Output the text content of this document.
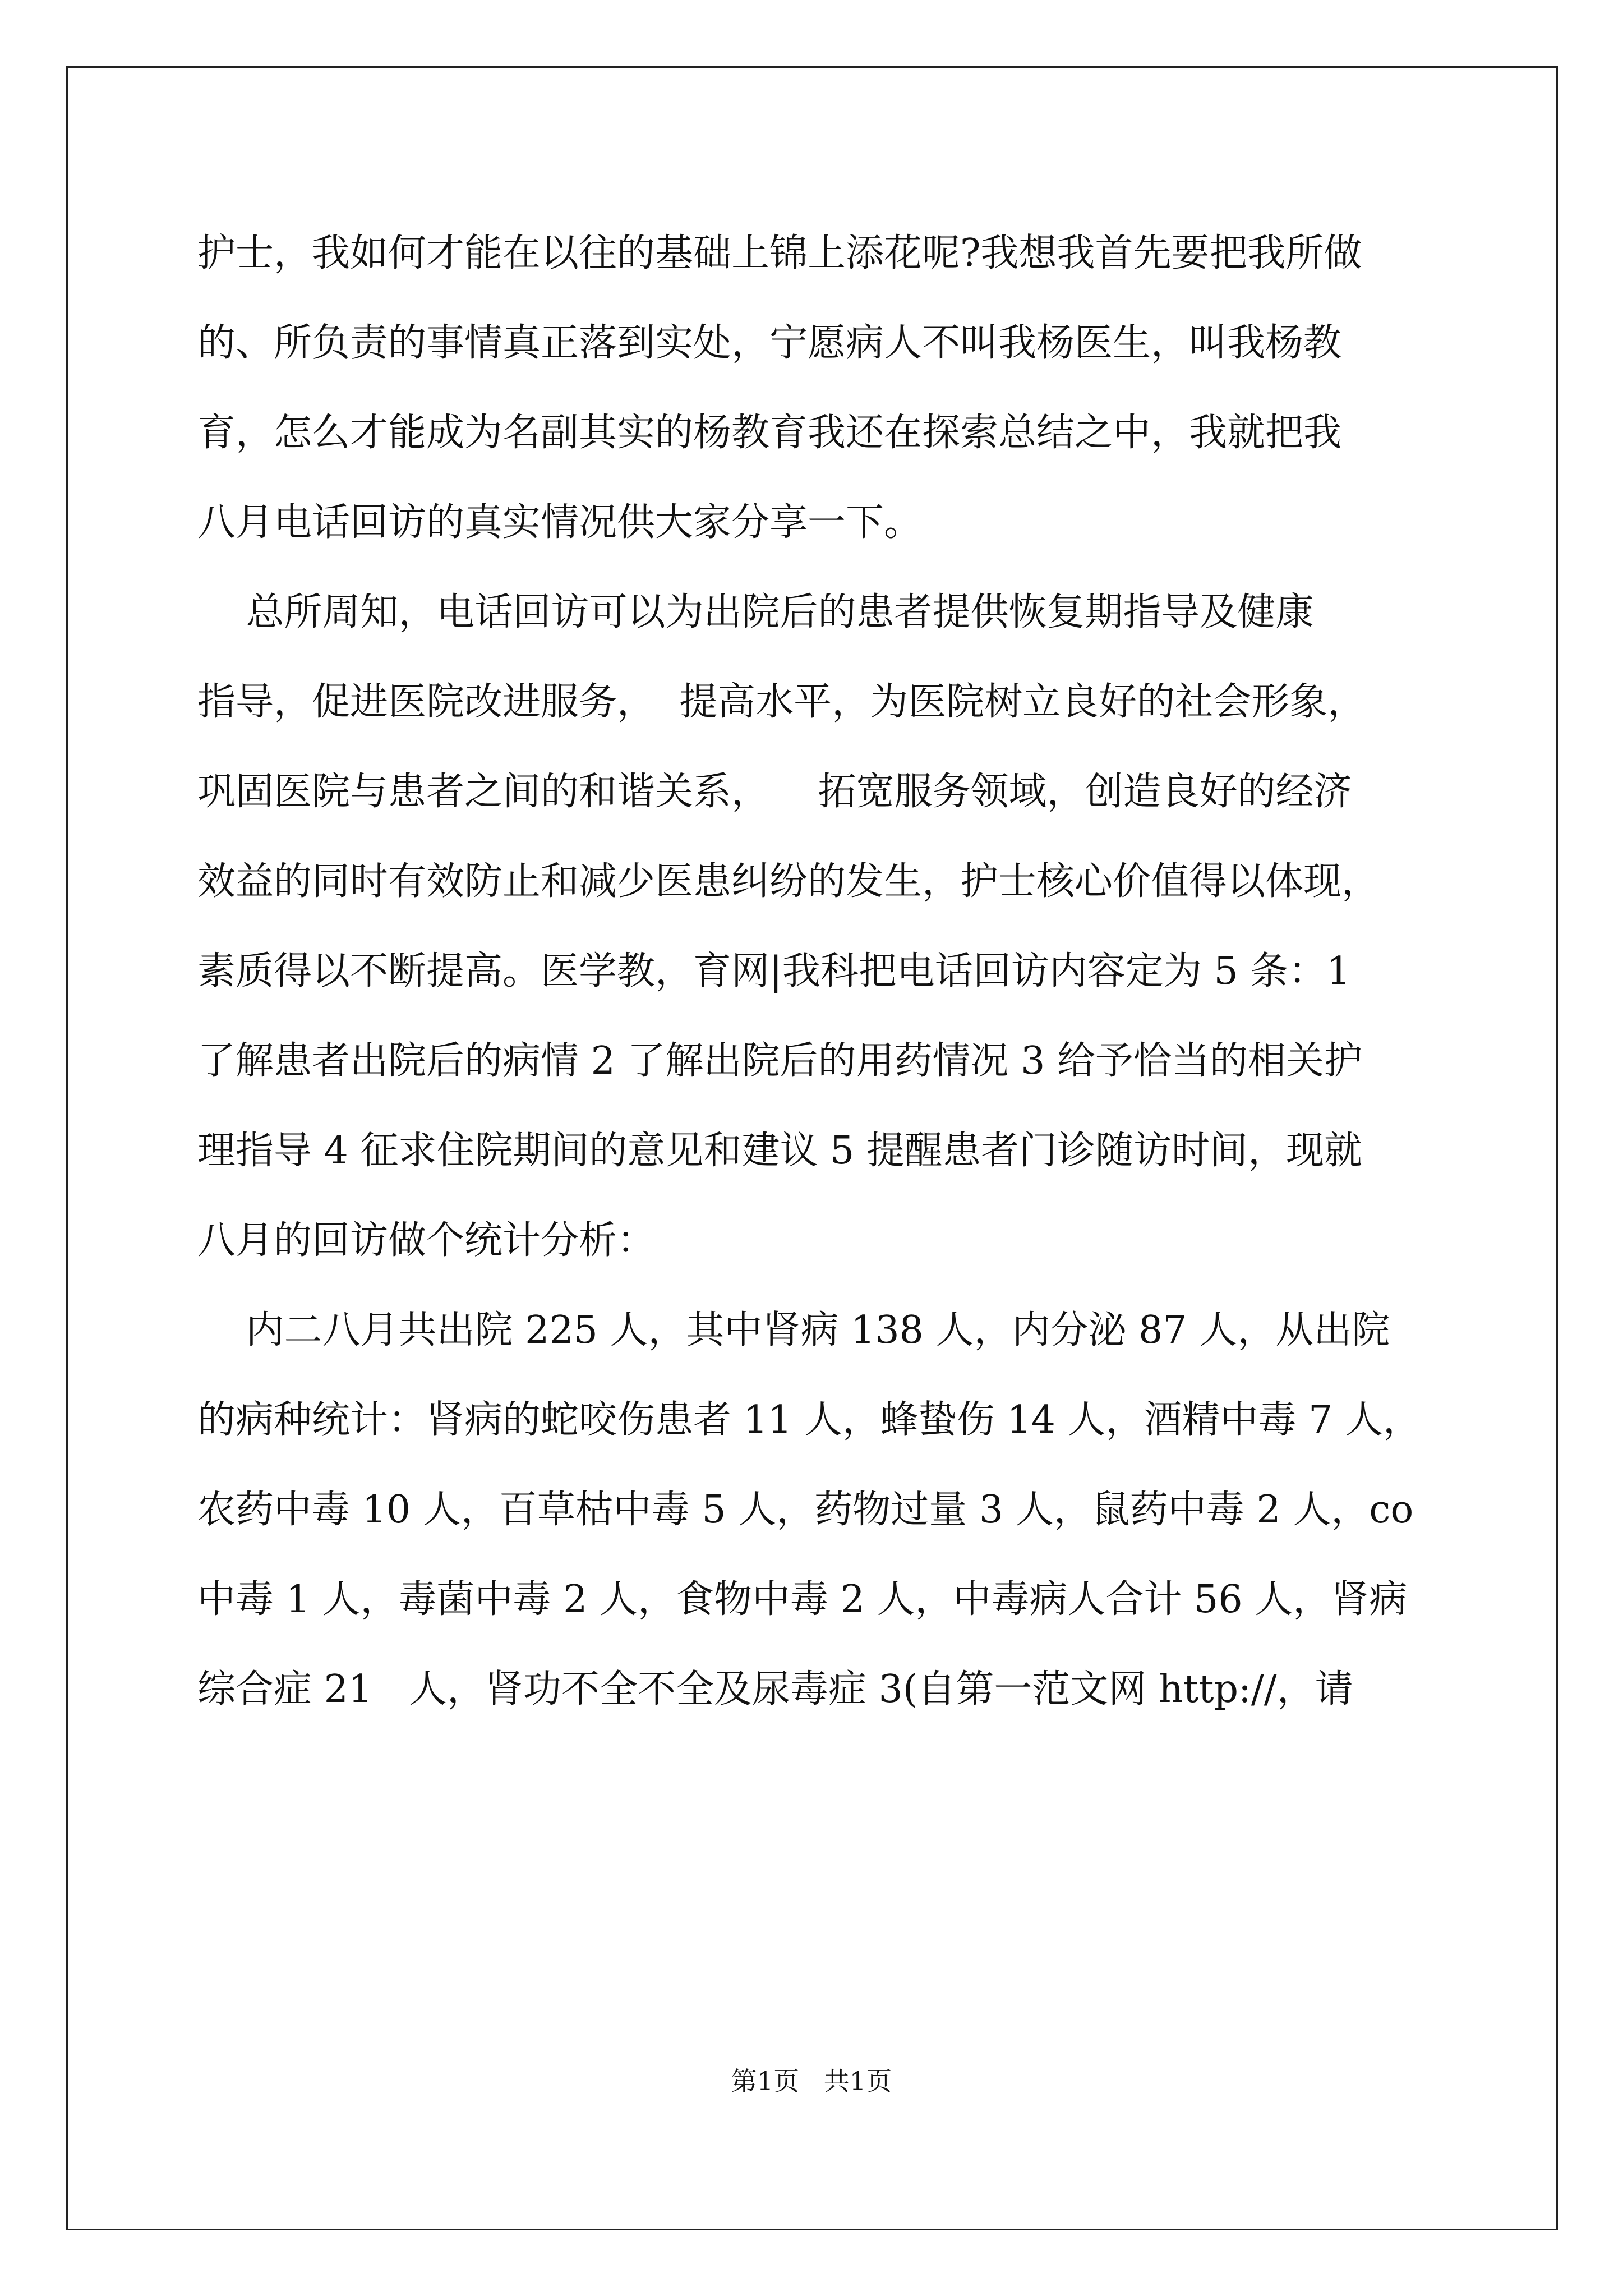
护士，我如何才能在以往的基础上锦上添花呢?我想我首先要把我所做
的、所负责的事情真正落到实处，宁愿病人不叫我杨医生，叫我杨教
育，怎么才能成为名副其实的杨教育我还在探索总结之中，我就把我
八月电话回访的真实情况供大家分享一下。
总所周知，电话回访可以为出院后的患者提供恢复期指导及健康
指导，促进医院改进服务，  提高水平，为医院树立良好的社会形象，
巩固医院与患者之间的和谐关系，    拓宽服务领域，创造良好的经济
效益的同时有效防止和减少医患纠纷的发生，护士核心价值得以体现，
素质得以不断提高。医学教，育网|我科把电话回访内容定为 5 条：1
了解患者出院后的病情 2 了解出院后的用药情况 3 给予恰当的相关护
理指导 4 征求住院期间的意见和建议 5 提醒患者门诊随访时间，现就
八月的回访做个统计分析：
内二八月共出院 225 人，其中肾病 138 人，内分泌 87 人，从出院
的病种统计：肾病的蛇咬伤患者 11 人，蜂蛰伤 14 人，酒精中毒 7 人，
农药中毒 10 人，百草枯中毒 5 人，药物过量 3 人，鼠药中毒 2 人，co
中毒 1 人，毒菌中毒 2 人，食物中毒 2 人，中毒病人合计 56 人，肾病
综合症 21   人，肾功不全不全及尿毒症 3(自第一范文网 http://，请
第1页   共1页
